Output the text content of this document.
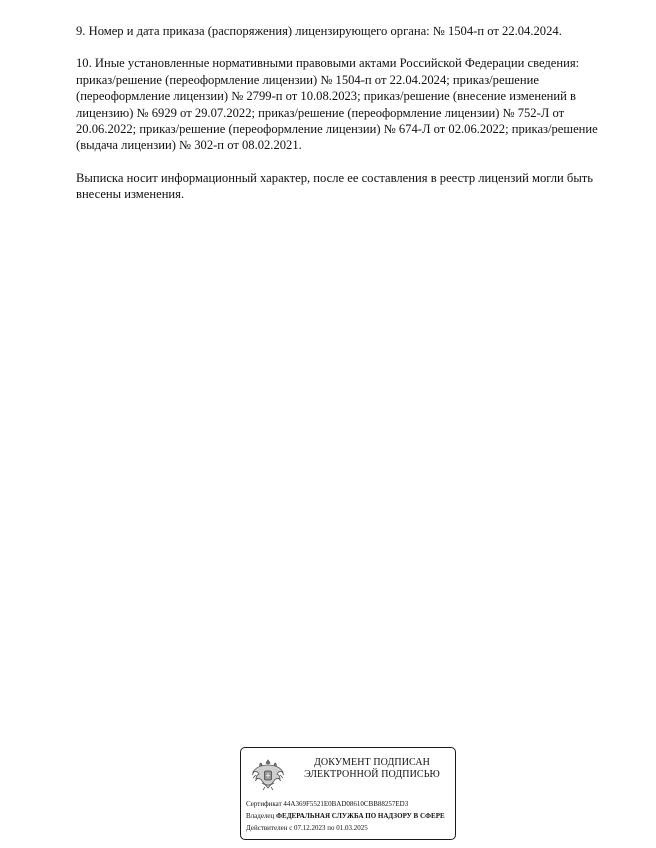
9. Номер и дата приказа (распоряжения) лицензирующего органа: № 1504-п от 22.04.2024.

10. Иные установленные нормативными правовыми актами Российской Федерации сведения:
приказ/решение (переоформление лицензии) № 1504-п от 22.04.2024; приказ/решение
(переоформление лицензии) № 2799-п от 10.08.2023; приказ/решение (внесение изменений в
лицензию) № 6929 от 29.07.2022; приказ/решение (переоформление лицензии) № 752-Л от
20.06.2022; приказ/решение (переоформление лицензии) № 674-Л от 02.06.2022; приказ/решение
(выдача лицензии) № 302-п от 08.02.2021.

Выписка носит информационный характер, после ее составления в реестр лицензий могли быть
внесены изменения.

ДОКУМЕНТ ПОДПИСАН
ЭЛЕКТРОННОЙ ПОДПИСЬЮ
Сертификат 44A369F5521E0BAD08610CBB88257ED3
Владелец ФЕДЕРАЛЬНАЯ СЛУЖБА ПО НАДЗОРУ В СФЕРЕ
Действителен с 07.12.2023 по 01.03.2025
